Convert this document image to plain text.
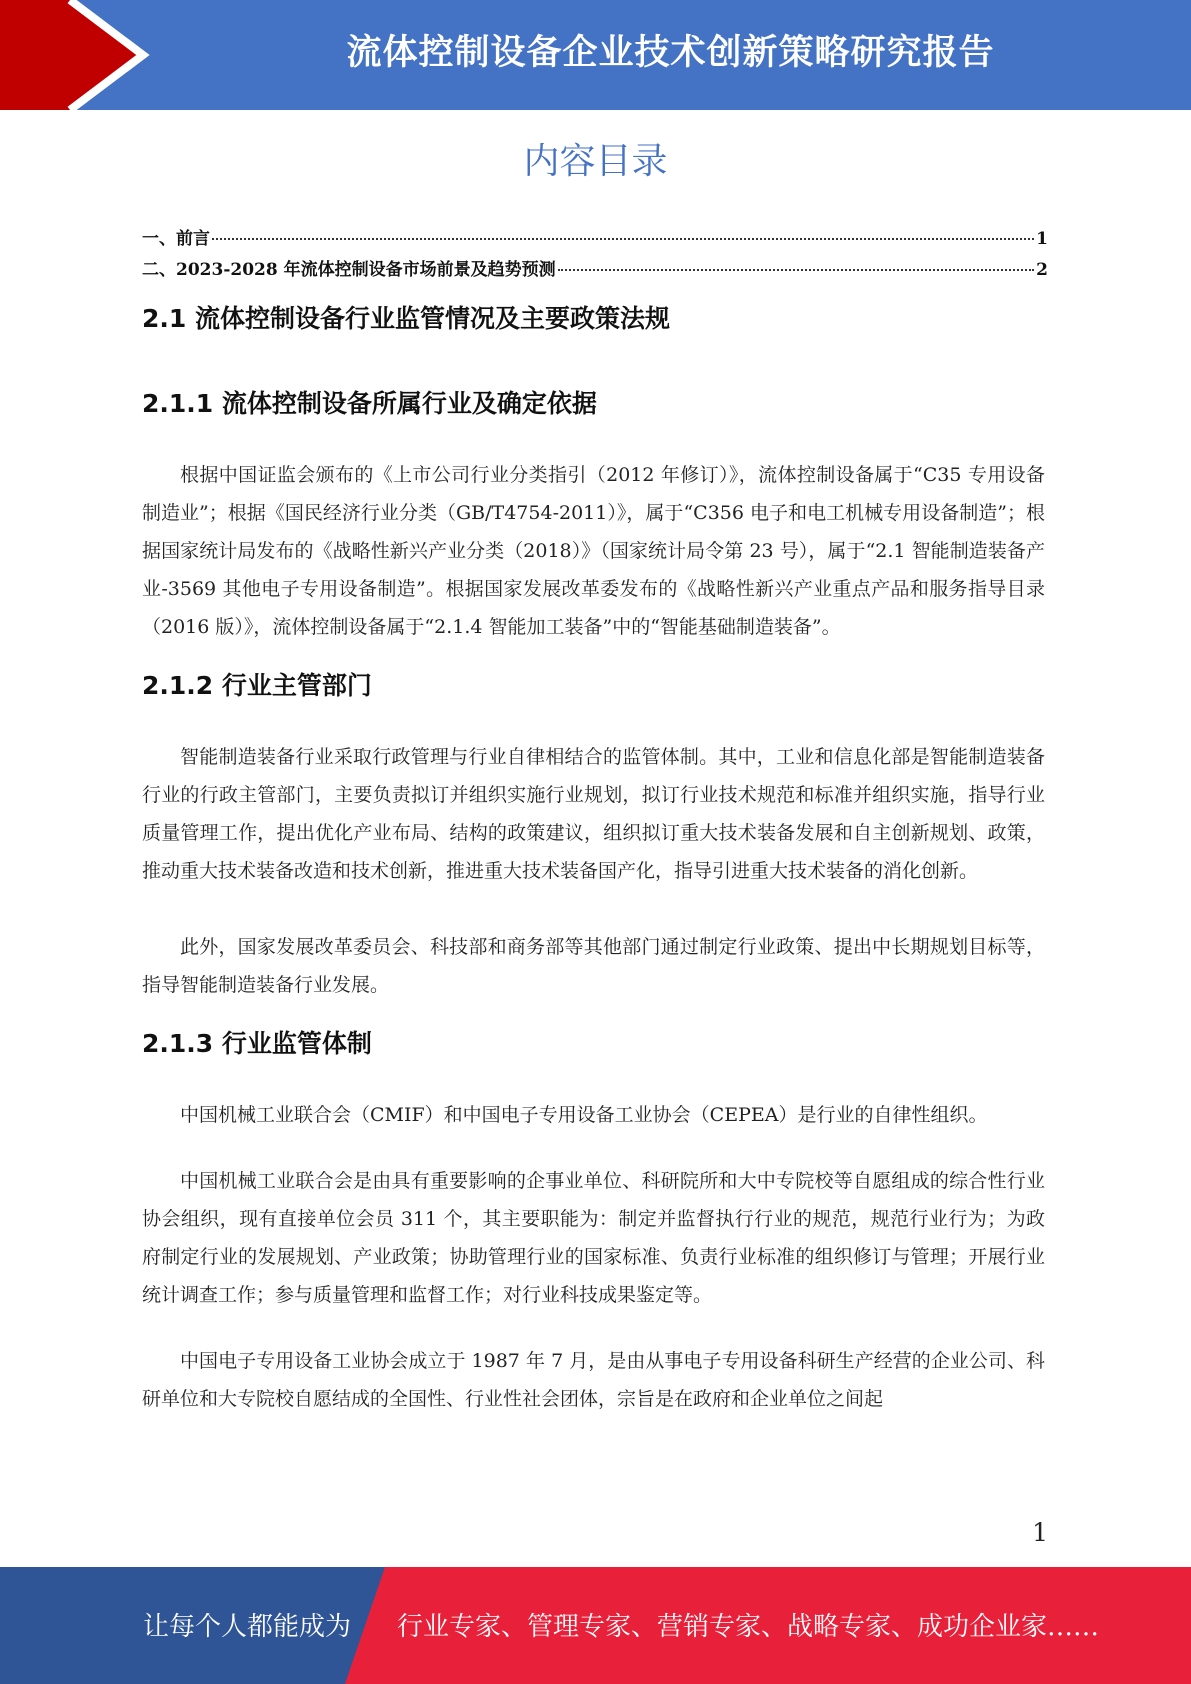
流体控制设备企业技术创新策略研究报告
内容目录
一、前言	1
二、2023-2028 年流体控制设备市场前景及趋势预测	2
2.1 流体控制设备行业监管情况及主要政策法规
2.1.1 流体控制设备所属行业及确定依据

根据中国证监会颁布的《上市公司行业分类指引（2012 年修订）》，流体控制设备属于“C35 专用设备制造业”；根据《国民经济行业分类（GB/T4754-2011）》，属于“C356 电子和电工机械专用设备制造”；根据国家统计局发布的《战略性新兴产业分类（2018）》（国家统计局令第 23 号），属于“2.1 智能制造装备产业-3569 其他电子专用设备制造”。根据国家发展改革委发布的《战略性新兴产业重点产品和服务指导目录（2016 版）》，流体控制设备属于“2.1.4 智能加工装备”中的“智能基础制造装备”。

2.1.2 行业主管部门

智能制造装备行业采取行政管理与行业自律相结合的监管体制。其中，工业和信息化部是智能制造装备行业的行政主管部门，主要负责拟订并组织实施行业规划，拟订行业技术规范和标准并组织实施，指导行业质量管理工作，提出优化产业布局、结构的政策建议，组织拟订重大技术装备发展和自主创新规划、政策，推动重大技术装备改造和技术创新，推进重大技术装备国产化，指导引进重大技术装备的消化创新。

此外，国家发展改革委员会、科技部和商务部等其他部门通过制定行业政策、提出中长期规划目标等，指导智能制造装备行业发展。

2.1.3 行业监管体制

中国机械工业联合会（CMIF）和中国电子专用设备工业协会（CEPEA）是行业的自律性组织。

中国机械工业联合会是由具有重要影响的企事业单位、科研院所和大中专院校等自愿组成的综合性行业协会组织，现有直接单位会员 311 个，其主要职能为：制定并监督执行行业的规范，规范行业行为；为政府制定行业的发展规划、产业政策；协助管理行业的国家标准、负责行业标准的组织修订与管理；开展行业统计调查工作；参与质量管理和监督工作；对行业科技成果鉴定等。

中国电子专用设备工业协会成立于 1987 年 7 月，是由从事电子专用设备科研生产经营的企业公司、科研单位和大专院校自愿结成的全国性、行业性社会团体，宗旨是在政府和企业单位之间起

1
让每个人都能成为 行业专家、管理专家、营销专家、战略专家、成功企业家……
